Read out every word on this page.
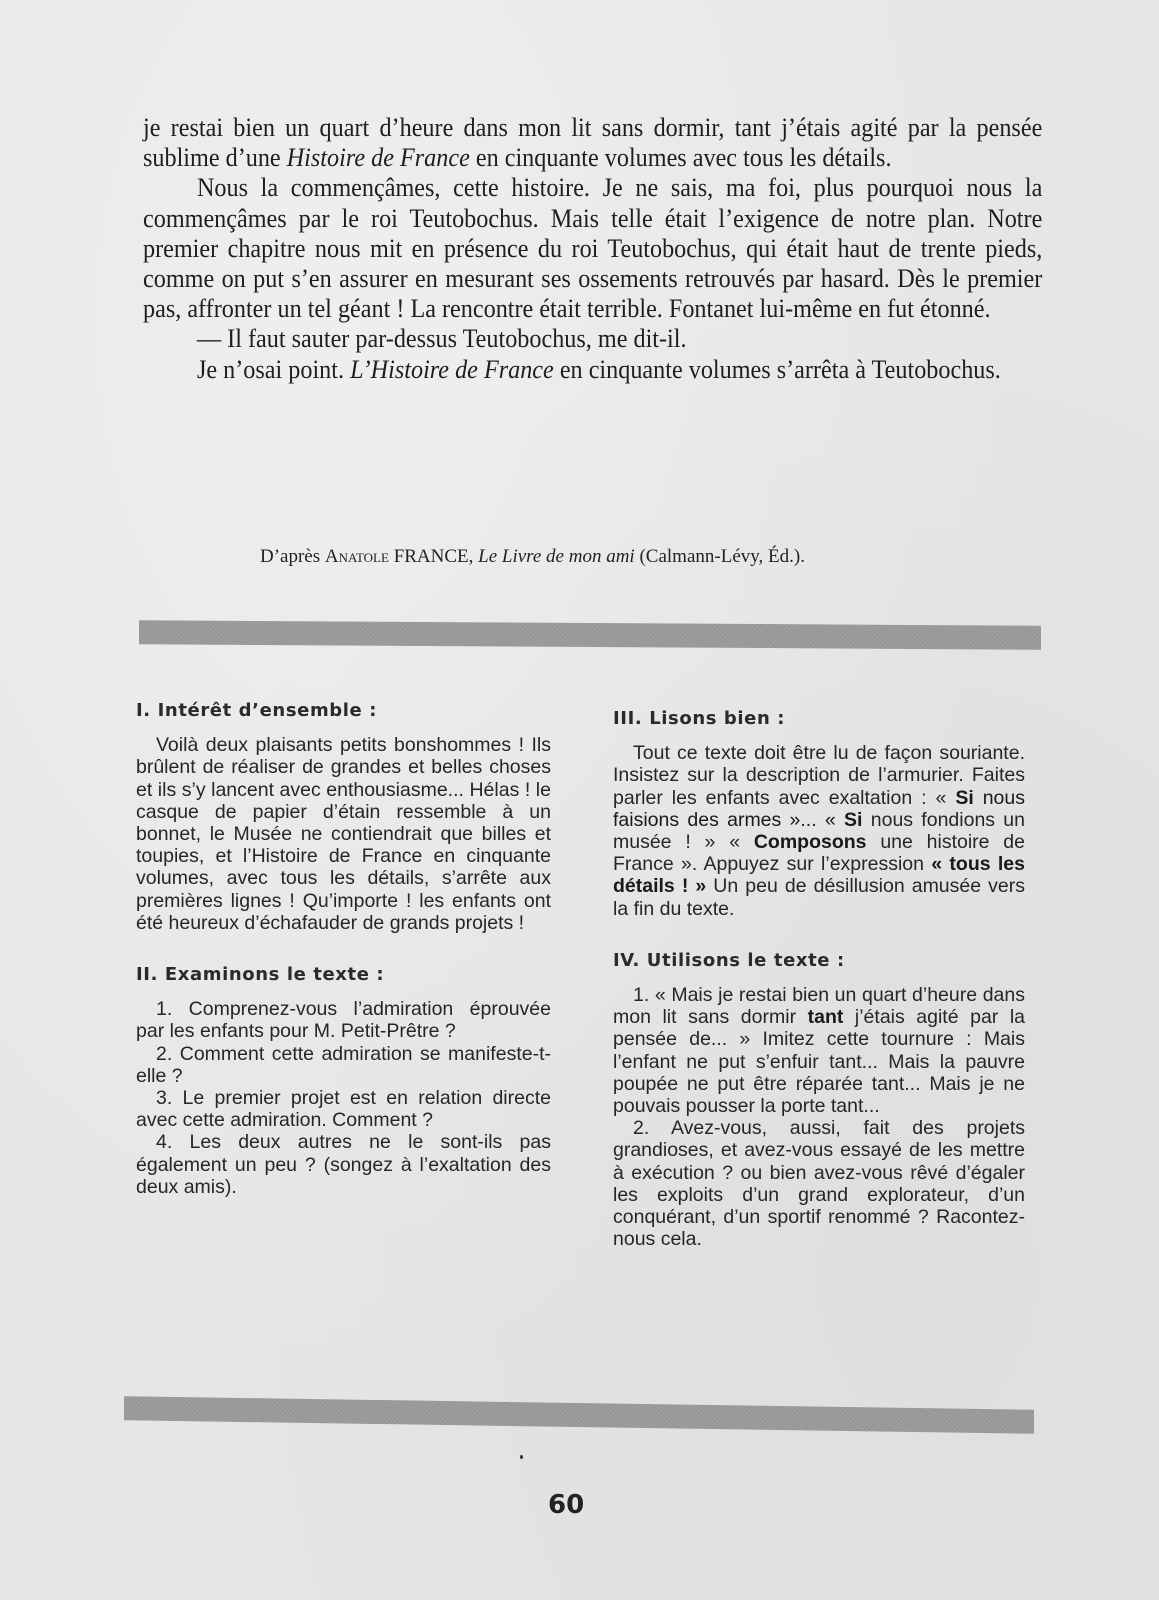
je restai bien un quart d’heure dans mon lit sans dormir, tant j’étais agité par la pensée sublime d’une Histoire de France en cinquante volumes avec tous les détails.

Nous la commençâmes, cette histoire. Je ne sais, ma foi, plus pourquoi nous la commençâmes par le roi Teutobochus. Mais telle était l’exigence de notre plan. Notre premier chapitre nous mit en présence du roi Teutobochus, qui était haut de trente pieds, comme on put s’en assurer en mesurant ses ossements retrouvés par hasard. Dès le premier pas, affronter un tel géant ! La rencontre était terrible. Fontanet lui-même en fut étonné.

— Il faut sauter par-dessus Teutobochus, me dit-il.

Je n’osai point. L’Histoire de France en cinquante volumes s’arrêta à Teutobochus.

D’après Anatole FRANCE, Le Livre de mon ami (Calmann-Lévy, Éd.).
I. Intérêt d’ensemble :

Voilà deux plaisants petits bonshommes ! Ils brûlent de réaliser de grandes et belles choses et ils s’y lancent avec enthousiasme... Hélas ! le casque de papier d’étain ressemble à un bonnet, le Musée ne contiendrait que billes et toupies, et l’Histoire de France en cinquante volumes, avec tous les détails, s’arrête aux premières lignes ! Qu’importe ! les enfants ont été heureux d’échafauder de grands projets !

II. Examinons le texte :

1. Comprenez-vous l’admiration éprouvée par les enfants pour M. Petit-Prêtre ?

2. Comment cette admiration se manifeste-t-elle ?

3. Le premier projet est en relation directe avec cette admiration. Comment ?

4. Les deux autres ne le sont-ils pas également un peu ? (songez à l’exaltation des deux amis).

III. Lisons bien :

Tout ce texte doit être lu de façon souriante. Insistez sur la description de l’armurier. Faites parler les enfants avec exaltation : « Si nous faisions des armes »... « Si nous fondions un musée ! » « Composons une histoire de France ». Appuyez sur l’expression « tous les détails ! » Un peu de désillusion amusée vers la fin du texte.

IV. Utilisons le texte :

1. « Mais je restai bien un quart d’heure dans mon lit sans dormir tant j’étais agité par la pensée de... » Imitez cette tournure : Mais l’enfant ne put s’enfuir tant... Mais la pauvre poupée ne put être réparée tant... Mais je ne pouvais pousser la porte tant...

2. Avez-vous, aussi, fait des projets grandioses, et avez-vous essayé de les mettre à exécution ? ou bien avez-vous rêvé d’égaler les exploits d’un grand explorateur, d’un conquérant, d’un sportif renommé ? Racontez-nous cela.

60
